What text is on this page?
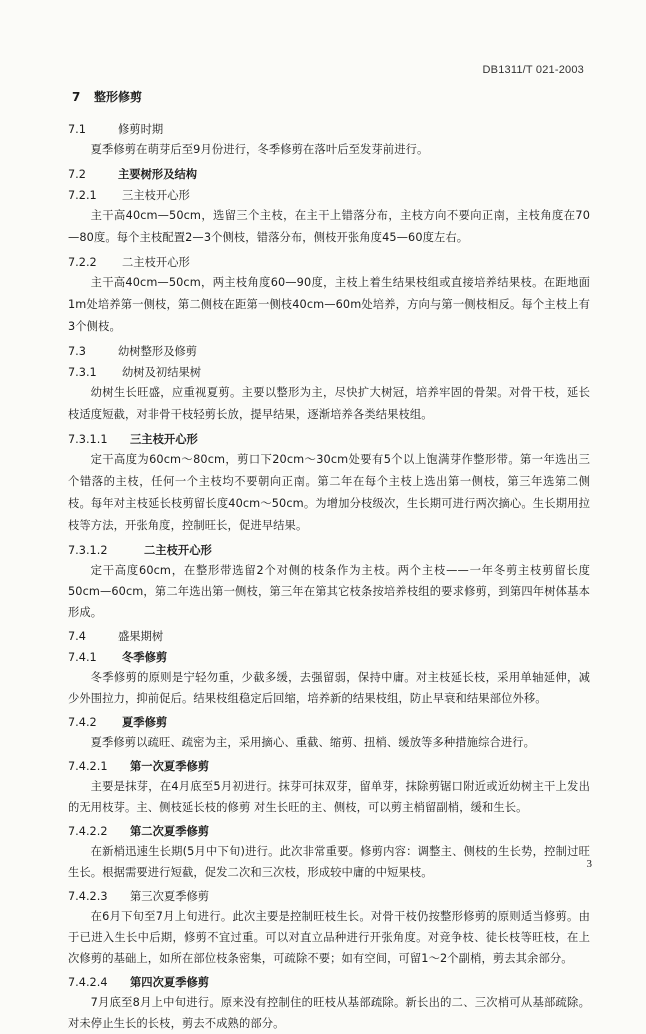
DB1311/T 021-2003
7 整形修剪
7.1	修剪时期

夏季修剪在萌芽后至9月份进行，冬季修剪在落叶后至发芽前进行。

7.2	主要树形及结构
7.2.1 三主枝开心形

主干高40cm—50cm，选留三个主枝，在主干上错落分布，主枝方向不要向正南，主枝角度在70—80度。每个主枝配置2—3个侧枝，错落分布，侧枝开张角度45—60度左右。

7.2.2 二主枝开心形

主干高40cm—50cm，两主枝角度60—90度，主枝上着生结果枝组或直接培养结果枝。在距地面1m处培养第一侧枝，第二侧枝在距第一侧枝40cm—60m处培养，方向与第一侧枝相反。每个主枝上有3个侧枝。

7.3	幼树整形及修剪
7.3.1 幼树及初结果树

幼树生长旺盛，应重视夏剪。主要以整形为主，尽快扩大树冠，培养牢固的骨架。对骨干枝，延长枝适度短截，对非骨干枝轻剪长放，提早结果，逐渐培养各类结果枝组。

7.3.1.1 三主枝开心形

定干高度为60cm～80cm，剪口下20cm～30cm处要有5个以上饱满芽作整形带。第一年选出三个错落的主枝，任何一个主枝均不要朝向正南。第二年在每个主枝上选出第一侧枝，第三年选第二侧枝。每年对主枝延长枝剪留长度40cm～50cm。为增加分枝级次，生长期可进行两次摘心。生长期用拉枝等方法，开张角度，控制旺长，促进早结果。

7.3.1.2	二主枝开心形

定干高度60cm，在整形带选留2个对侧的枝条作为主枝。两个主枝——一年冬剪主枝剪留长度50cm—60cm，第二年选出第一侧枝，第三年在第其它枝条按培养枝组的要求修剪，到第四年树体基本形成。

7.4	盛果期树
7.4.1 冬季修剪

冬季修剪的原则是宁轻勿重，少截多缓，去强留弱，保持中庸。对主枝延长枝，采用单轴延伸，减少外围拉力，抑前促后。结果枝组稳定后回缩，培养新的结果枝组，防止早衰和结果部位外移。

7.4.2 夏季修剪

夏季修剪以疏旺、疏密为主，采用摘心、重截、缩剪、扭梢、缓放等多种措施综合进行。

7.4.2.1 第一次夏季修剪

主要是抹芽，在4月底至5月初进行。抹芽可抹双芽，留单芽，抹除剪锯口附近或近幼树主干上发出的无用枝芽。主、侧枝延长枝的修剪 对生长旺的主、侧枝，可以剪主梢留副梢，缓和生长。

7.4.2.2 第二次夏季修剪

在新梢迅速生长期(5月中下旬)进行。此次非常重要。修剪内容：调整主、侧枝的生长势，控制过旺生长。根据需要进行短截，促发二次和三次枝，形成较中庸的中短果枝。

7.4.2.3 第三次夏季修剪

在6月下旬至7月上旬进行。此次主要是控制旺枝生长。对骨干枝仍按整形修剪的原则适当修剪。由于已进入生长中后期，修剪不宜过重。可以对直立品种进行开张角度。对竞争枝、徒长枝等旺枝，在上次修剪的基础上，如所在部位枝条密集，可疏除不要；如有空间，可留1～2个副梢，剪去其余部分。

7.4.2.4 第四次夏季修剪

7月底至8月上中旬进行。原来没有控制住的旺枝从基部疏除。新长出的二、三次梢可从基部疏除。对未停止生长的长枝，剪去不成熟的部分。

3
